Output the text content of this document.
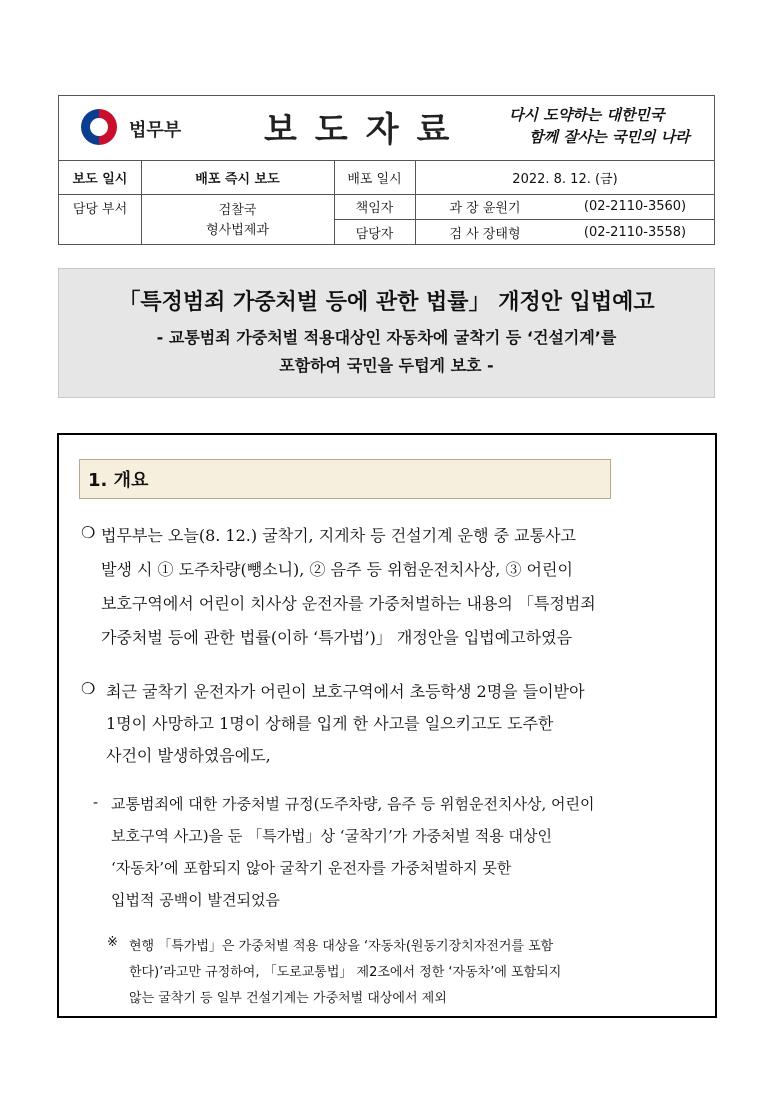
법무부 보도자료	다시 도약하는 대한민국
함께 잘사는 국민의 나라
보도 일시	배포 즉시 보도	배포 일시	2022. 8. 12. (금)
담당 부서	검찰국
형사법제과
책임자	과 장 윤원기	(02-2110-3560)
담당자	검 사 장태형	(02-2110-3558)
「특정범죄 가중처벌 등에 관한 법률」 개정안 입법예고
- 교통범죄 가중처벌 적용대상인 자동차에 굴착기 등 ‘건설기계’를
포함하여 국민을 두텁게 보호 -
1. 개요
❍ 법무부는 오늘(8. 12.) 굴착기, 지게차 등 건설기계 운행 중 교통사고
발생 시 ① 도주차량(뺑소니), ② 음주 등 위험운전치사상, ③ 어린이
보호구역에서 어린이 치사상 운전자를 가중처벌하는 내용의 「특정범죄
가중처벌 등에 관한 법률(이하 ‘특가법’)」 개정안을 입법예고하였음
❍ 최근 굴착기 운전자가 어린이 보호구역에서 초등학생 2명을 들이받아
1명이 사망하고 1명이 상해를 입게 한 사고를 일으키고도 도주한
사건이 발생하였음에도,
- 교통범죄에 대한 가중처벌 규정(도주차량, 음주 등 위험운전치사상, 어린이
보호구역 사고)을 둔 「특가법」상 ‘굴착기’가 가중처벌 적용 대상인
‘자동차’에 포함되지 않아 굴착기 운전자를 가중처벌하지 못한
입법적 공백이 발견되었음
※ 현행 「특가법」은 가중처벌 적용 대상을 ‘자동차(원동기장치자전거를 포함
한다)’라고만 규정하여, 「도로교통법」 제2조에서 정한 ‘자동차’에 포함되지
않는 굴착기 등 일부 건설기계는 가중처벌 대상에서 제외
